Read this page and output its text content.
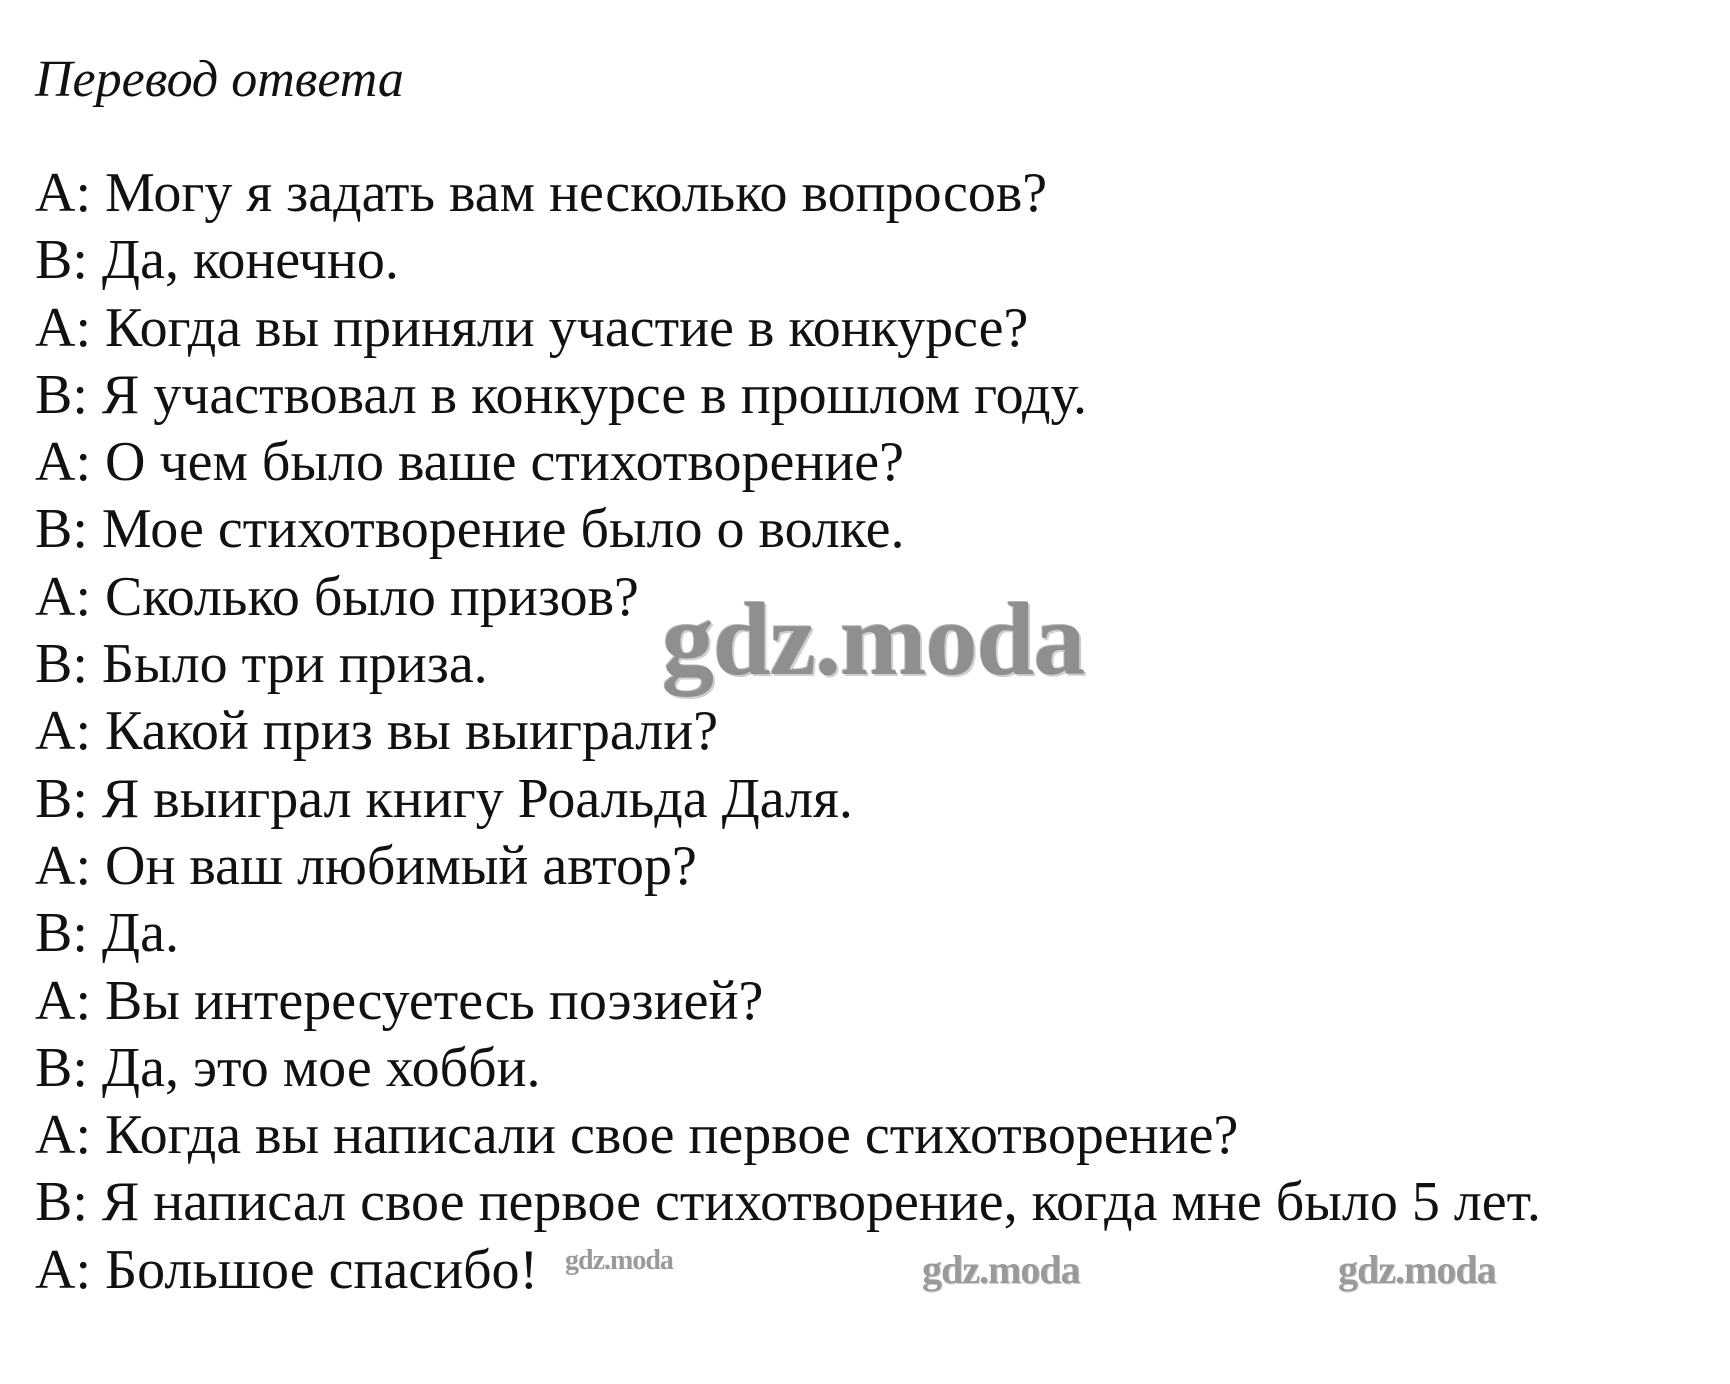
Перевод ответа
A: Могу я задать вам несколько вопросов?
B: Да, конечно.
A: Когда вы приняли участие в конкурсе?
B: Я участвовал в конкурсе в прошлом году.
A: О чем было ваше стихотворение?
B: Мое стихотворение было о волке.
A: Сколько было призов?
B: Было три приза.
A: Какой приз вы выиграли?
B: Я выиграл книгу Роальда Даля.
A: Он ваш любимый автор?
B: Да.
A: Вы интересуетесь поэзией?
B: Да, это мое хобби.
A: Когда вы написали свое первое стихотворение?
B: Я написал свое первое стихотворение, когда мне было 5 лет.
A: Большое спасибо!
gdz.moda
gdz.moda	gdz.moda	gdz.moda
